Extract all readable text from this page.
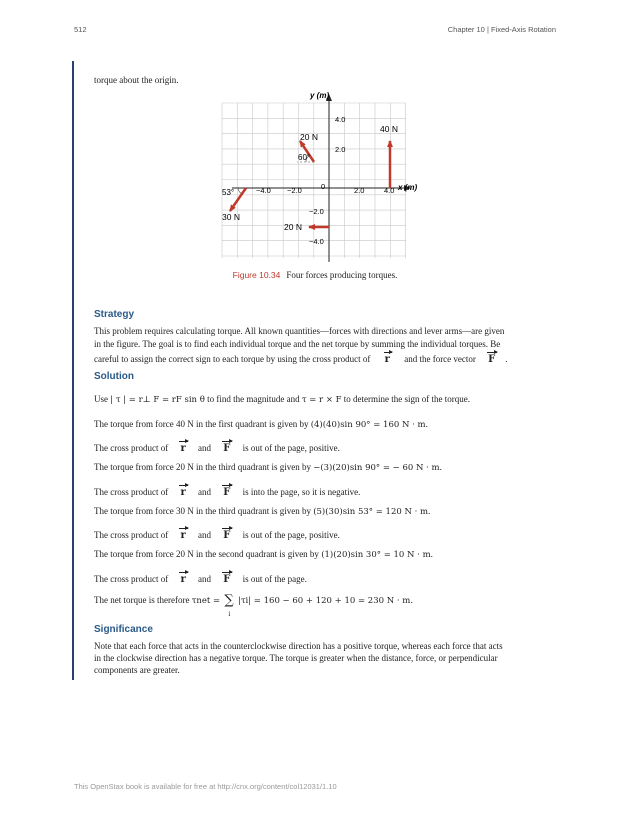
512	Chapter 10 | Fixed-Axis Rotation
torque about the origin.
y (m)
x (m)
4.0
2.0
−2.0
−4.0
−4.0 −2.0	0	2.0	4.0
40 N
20 N
60°
53°
30 N
20 N
Figure 10.34 Four forces producing torques.
Strategy
This problem requires calculating torque. All known quantities—forces with directions and lever arms—are given
in the figure. The goal is to find each individual torque and the net torque by summing the individual torques. Be
careful to assign the correct sign to each torque by using the cross product of r and the force vector F .
Solution
Use | τ | = r⊥ F = rF sin θ to find the magnitude and τ = r × F to determine the sign of the torque.
The torque from force 40 N in the first quadrant is given by (4)(40)sin 90° = 160 N · m.
The cross product of r and F is out of the page, positive.
The torque from force 20 N in the third quadrant is given by −(3)(20)sin 90° = − 60 N · m.
The cross product of r and F is into the page, so it is negative.
The torque from force 30 N in the third quadrant is given by (5)(30)sin 53° = 120 N · m.
The cross product of r and F is out of the page, positive.
The torque from force 20 N in the second quadrant is given by (1)(20)sin 30° = 10 N · m.
The cross product of r and F is out of the page.
The net torque is therefore τnet = ∑
i
|τi| = 160 − 60 + 120 + 10 = 230 N · m.
Significance
Note that each force that acts in the counterclockwise direction has a positive torque, whereas each force that acts
in the clockwise direction has a negative torque. The torque is greater when the distance, force, or perpendicular
components are greater.
This OpenStax book is available for free at http://cnx.org/content/col12031/1.10
